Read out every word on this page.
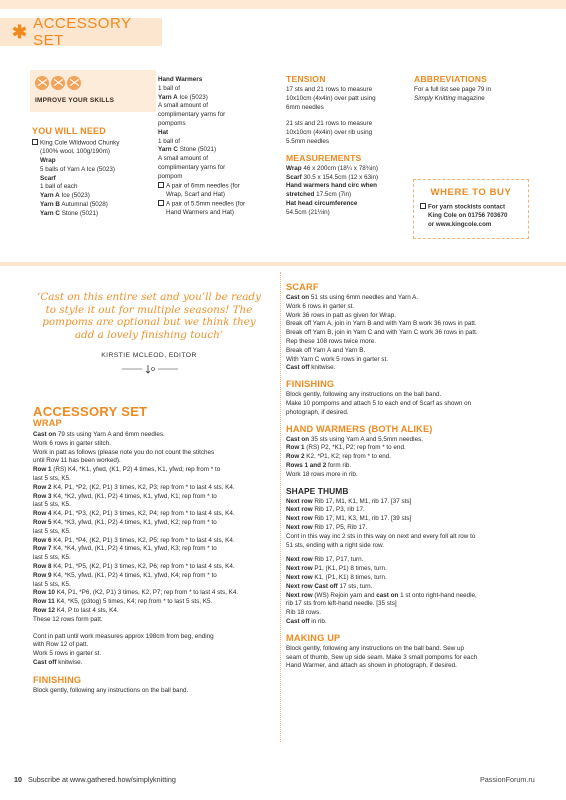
✱ ACCESSORY SET
IMPROVE YOUR SKILLS
YOU WILL NEED
King Cole Wildwood Chunky
(100% wool, 100g/190m)
Wrap
5 balls of Yarn A Ice (5023)
Scarf
1 ball of each
Yarn A Ice (5023)
Yarn B Autumnal (5028)
Yarn C Stone (5021)
Hand Warmers
1 ball of
Yarn A Ice (5023)
A small amount of
complimentary yarns for
pompoms
Hat
1 ball of
Yarn C Stone (5021)
A small amount of
complimentary yarns for
pompom
A pair of 6mm needles (for
Wrap, Scarf and Hat)
A pair of 5.5mm needles (for
Hand Warmers and Hat)
TENSION
17 sts and 21 rows to measure
10x10cm (4x4in) over patt using
6mm needles
21 sts and 21 rows to measure
10x10cm (4x4in) over rib using
5.5mm needles
MEASUREMENTS
Wrap 46 x 200cm (18¼ x 78¾in)
Scarf 30.5 x 154.5cm (12 x 63in)
Hand warmers hand circ when
stretched 17.5cm (7in)
Hat head circumference
54.5cm (21½in)
ABBREVIATIONS
For a full list see page 79 in
Simply Knitting magazine
WHERE TO BUY
For yarn stockists contact
King Cole on 01756 703670
or www.kingcole.com
‘Cast on this entire set and you’ll be ready
to style it out for multiple seasons! The
pompoms are optional but we think they
add a lovely finishing touch’
KIRSTIE MCLEOD, EDITOR
ACCESSORY SET
WRAP

Cast on 79 sts using Yarn A and 6mm needles.

Work 6 rows in garter stitch.

Work in patt as follows (please note you do not count the stitches

until Row 11 has been worked).

Row 1 (RS) K4, *K1, yfwd, (K1, P2) 4 times, K1, yfwd; rep from * to

last 5 sts, K5.

Row 2 K4, P1, *P2, (K2, P1) 3 times, K2, P3; rep from * to last 4 sts, K4.

Row 3 K4, *K2, yfwd, (K1, P2) 4 times, K1, yfwd, K1; rep from * to

last 5 sts, K5.

Row 4 K4, P1, *P3, (K2, P1) 3 times, K2, P4; rep from * to last 4 sts, K4.

Row 5 K4, *K3, yfwd, (K1, P2) 4 times, K1, yfwd, K2; rep from * to

last 5 sts, K5.

Row 6 K4, P1, *P4, (K2, P1) 3 times, K2, P5; rep from * to last 4 sts, K4.

Row 7 K4, *K4, yfwd, (K1, P2) 4 times, K1, yfwd, K3; rep from * to

last 5 sts, K5.

Row 8 K4, P1, *P5, (K2, P1) 3 times, K2, P6; rep from * to last 4 sts, K4.

Row 9 K4, *K5, yfwd, (K1, P2) 4 times, K1, yfwd, K4; rep from * to

last 5 sts, K5.

Row 10 K4, P1, *P6, (K2, P1) 3 times, K2, P7; rep from * to last 4 sts, K4.

Row 11 K4, *K5, (p3tog) 5 times, K4; rep from * to last 5 sts, K5.

Row 12 K4, P to last 4 sts, K4.

These 12 rows form patt.

Cont in patt until work measures approx 198cm from beg, ending

with Row 12 of patt.

Work 5 rows in garter st.

Cast off knitwise.

FINISHING

Block gently, following any instructions on the ball band.

SCARF

Cast on 51 sts using 6mm needles and Yarn A.

Work 6 rows in garter st.

Work 36 rows in patt as given for Wrap.

Break off Yarn A, join in Yarn B and with Yarn B work 36 rows in patt.

Break off Yarn B, join in Yarn C and with Yarn C work 36 rows in patt.

Rep these 108 rows twice more.

Break off Yarn A and Yarn B.

With Yarn C work 5 rows in garter st.

Cast off knitwise.

FINISHING

Block gently, following any instructions on the ball band.

Make 10 pompoms and attach 5 to each end of Scarf as shown on

photograph, if desired.

HAND WARMERS (BOTH ALIKE)

Cast on 35 sts using Yarn A and 5.5mm needles.

Row 1 (RS) P2, *K1, P2; rep from * to end.

Row 2 K2, *P1, K2; rep from * to end.

Rows 1 and 2 form rib.

Work 18 rows more in rib.

SHAPE THUMB

Next row Rib 17, M1, K1, M1, rib 17. [37 sts]

Next row Rib 17, P3, rib 17.

Next row Rib 17, M1, K3, M1, rib 17. [39 sts]

Next row Rib 17, P5, Rib 17.

Cont in this way inc 2 sts in this way on next and every foll alt row to

51 sts, ending with a right side row.

Next row Rib 17, P17, turn.

Next row P1, (K1, P1) 8 times, turn.

Next row K1, (P1, K1) 8 times, turn.

Next row Cast off 17 sts, turn.

Next row (WS) Rejoin yarn and cast on 1 st onto right-hand needle,

rib 17 sts from left-hand needle. [35 sts]

Rib 18 rows.

Cast off in rib.

MAKING UP

Block gently, following any instructions on the ball band. Sew up

seam of thumb. Sew up side seam. Make 3 small pompoms for each

Hand Warmer, and attach as shown in photograph, if desired.

10 Subscribe at www.gathered.how/simplyknitting	PassionForum.ru
